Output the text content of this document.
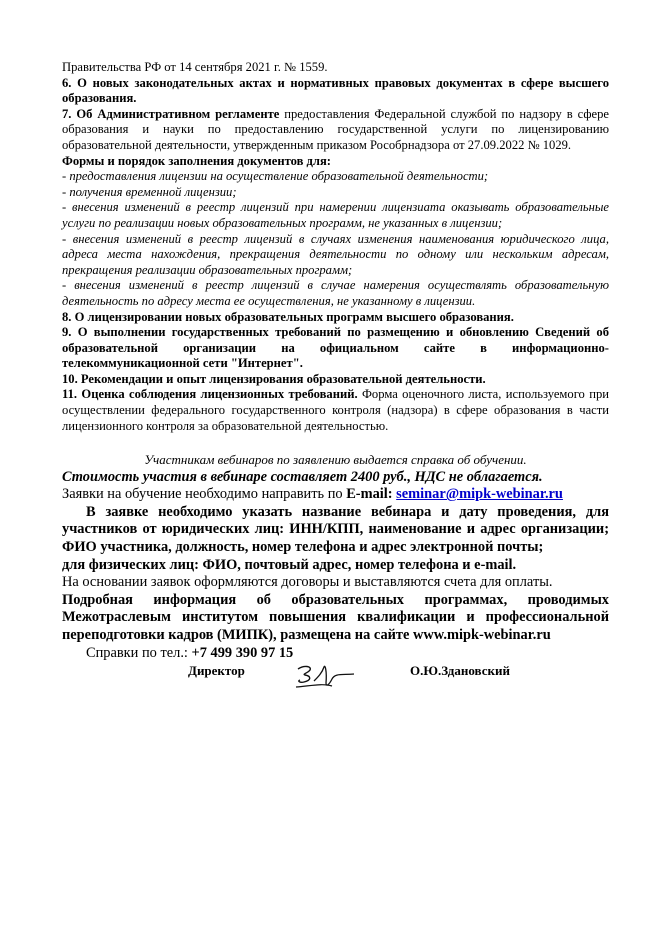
Правительства РФ от 14 сентября 2021 г. № 1559.
6. О новых законодательных актах и нормативных правовых документах в сфере высшего образования.
7. Об Административном регламенте предоставления Федеральной службой по надзору в сфере образования и науки по предоставлению государственной услуги по лицензированию образовательной деятельности, утвержденным приказом Рособрнадзора от 27.09.2022 № 1029.
Формы и порядок заполнения документов для:
- предоставления лицензии на осуществление образовательной деятельности;
- получения временной лицензии;
- внесения изменений в реестр лицензий при намерении лицензиата оказывать образовательные услуги по реализации новых образовательных программ, не указанных в лицензии;
- внесения изменений в реестр лицензий в случаях изменения наименования юридического лица, адреса места нахождения, прекращения деятельности по одному или нескольким адресам, прекращения реализации образовательных программ;
- внесения изменений в реестр лицензий в случае намерения осуществлять образовательную деятельность по адресу места ее осуществления, не указанному в лицензии.
8. О лицензировании новых образовательных программ высшего образования.
9. О выполнении государственных требований по размещению и обновлению Сведений об образовательной организации на официальном сайте в информационно-телекоммуникационной сети "Интернет".
10. Рекомендации и опыт лицензирования образовательной деятельности.
11. Оценка соблюдения лицензионных требований. Форма оценочного листа, используемого при осуществлении федерального государственного контроля (надзора) в сфере образования в части лицензионного контроля за образовательной деятельностью.
Участникам вебинаров по заявлению выдается справка об обучении.
Стоимость участия в вебинаре составляет 2400 руб., НДС не облагается.
Заявки на обучение необходимо направить по E-mail: seminar@mipk-webinar.ru
В заявке необходимо указать название вебинара и дату проведения, для участников от юридических лиц: ИНН/КПП, наименование и адрес организации; ФИО участника, должность, номер телефона и адрес электронной почты;
для физических лиц: ФИО, почтовый адрес, номер телефона и e-mail.
На основании заявок оформляются договоры и выставляются счета для оплаты.
Подробная информация об образовательных программах, проводимых Межотраслевым институтом повышения квалификации и профессиональной переподготовки кадров (МИПК), размещена на сайте www.mipk-webinar.ru
Справки по тел.: +7 499 390 97 15
Директор	О.Ю.Здановский
